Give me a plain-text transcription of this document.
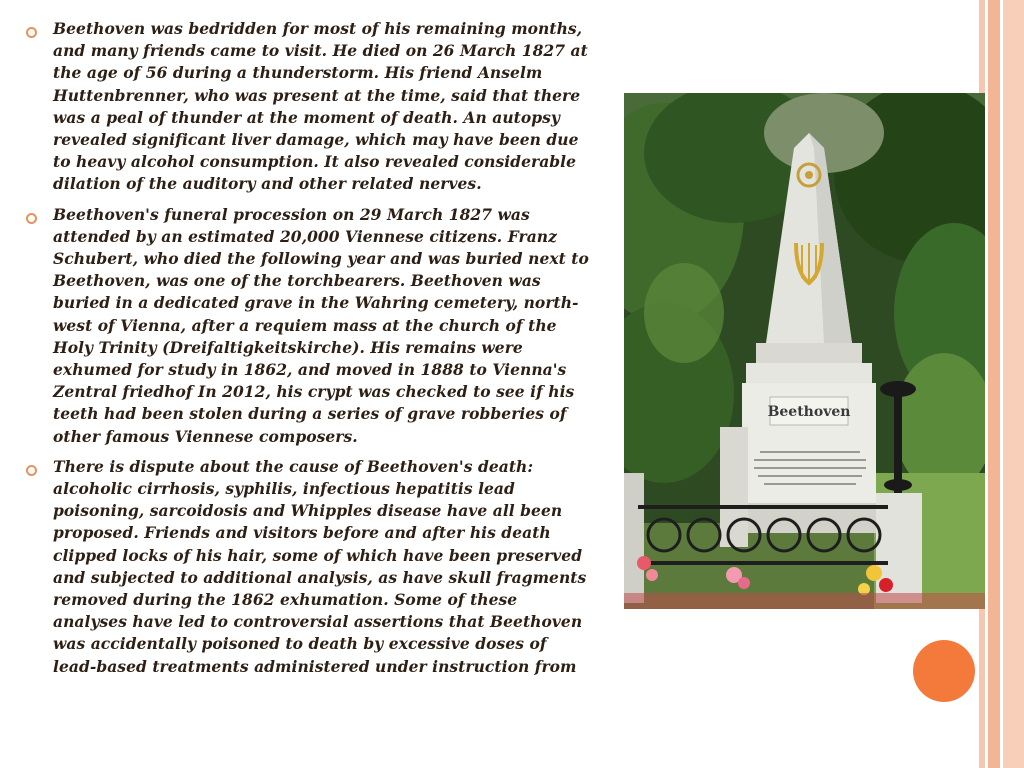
Beethoven was bedridden for most of his remaining months, and many friends came to visit. He died on 26 March 1827 at the age of 56 during a thunderstorm. His friend Anselm Huttenbrenner, who was present at the time, said that there was a peal of thunder at the moment of death. An autopsy revealed significant liver damage, which may have been due to heavy alcohol consumption. It also revealed considerable dilation of the auditory and other related nerves.

Beethoven's funeral procession on 29 March 1827 was attended by an estimated 20,000 Viennese citizens. Franz Schubert, who died the following year and was buried next to Beethoven, was one of the torchbearers. Beethoven was buried in a dedicated grave in the Wahring cemetery, north-west of Vienna, after a requiem mass at the church of the Holy Trinity (Dreifaltigkeitskirche). His remains were exhumed for study in 1862, and moved in 1888 to Vienna's Zentral friedhof In 2012, his crypt was checked to see if his teeth had been stolen during a series of grave robberies of other famous Viennese composers.

There is dispute about the cause of Beethoven's death: alcoholic cirrhosis, syphilis, infectious hepatitis lead poisoning, sarcoidosis and Whipples disease have all been proposed. Friends and visitors before and after his death clipped locks of his hair, some of which have been preserved and subjected to additional analysis, as have skull fragments removed during the 1862 exhumation. Some of these analyses have led to controversial assertions that Beethoven was accidentally poisoned to death by excessive doses of lead-based treatments administered under instruction from

Beethoven
